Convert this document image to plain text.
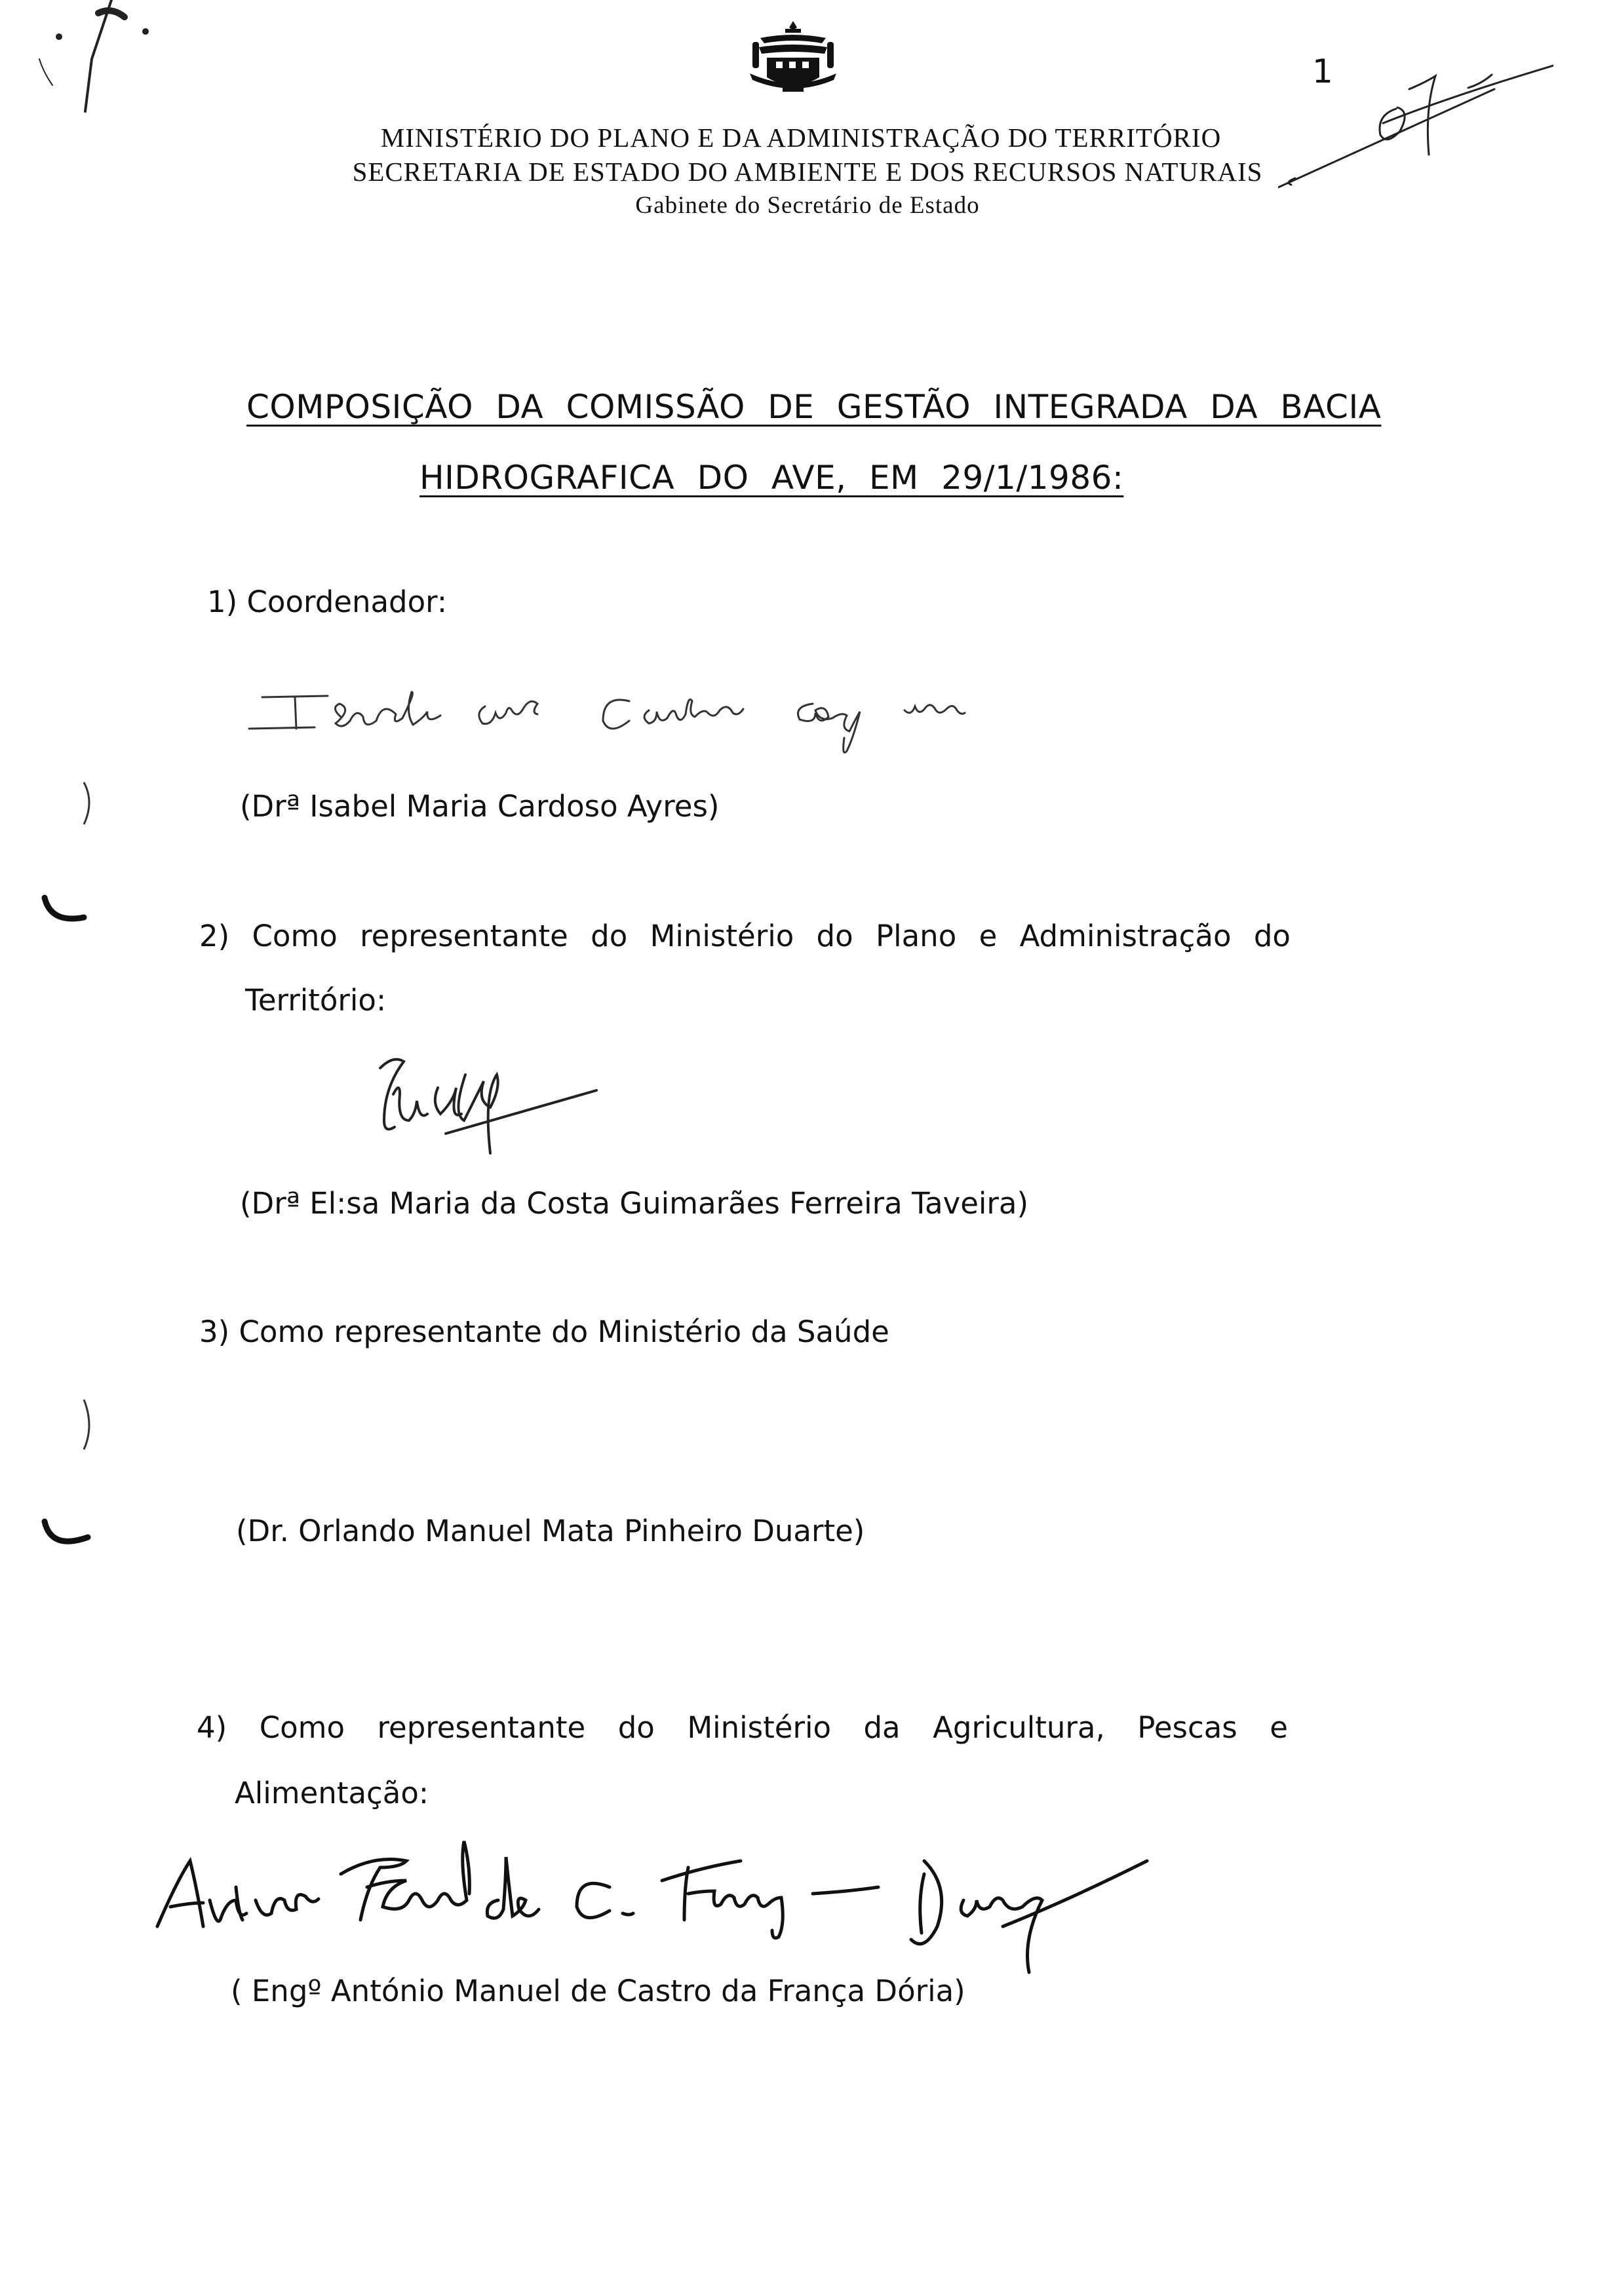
1
MINISTÉRIO DO PLANO E DA ADMINISTRAÇÃO DO TERRITÓRIO
SECRETARIA DE ESTADO DO AMBIENTE E DOS RECURSOS NATURAIS
Gabinete do Secretário de Estado
COMPOSIÇÃO DA COMISSÃO DE GESTÃO INTEGRADA DA BACIA
HIDROGRAFICA DO AVE, EM 29/1/1986:
1) Coordenador:
(Drª Isabel Maria Cardoso Ayres)
2) Como representante do Ministério do Plano e Administração do
Território:
(Drª El:sa Maria da Costa Guimarães Ferreira Taveira)
3) Como representante do Ministério da Saúde
(Dr. Orlando Manuel Mata Pinheiro Duarte)
4) Como representante do Ministério da Agricultura, Pescas e
Alimentação:
( Engº António Manuel de Castro da França Dória)
